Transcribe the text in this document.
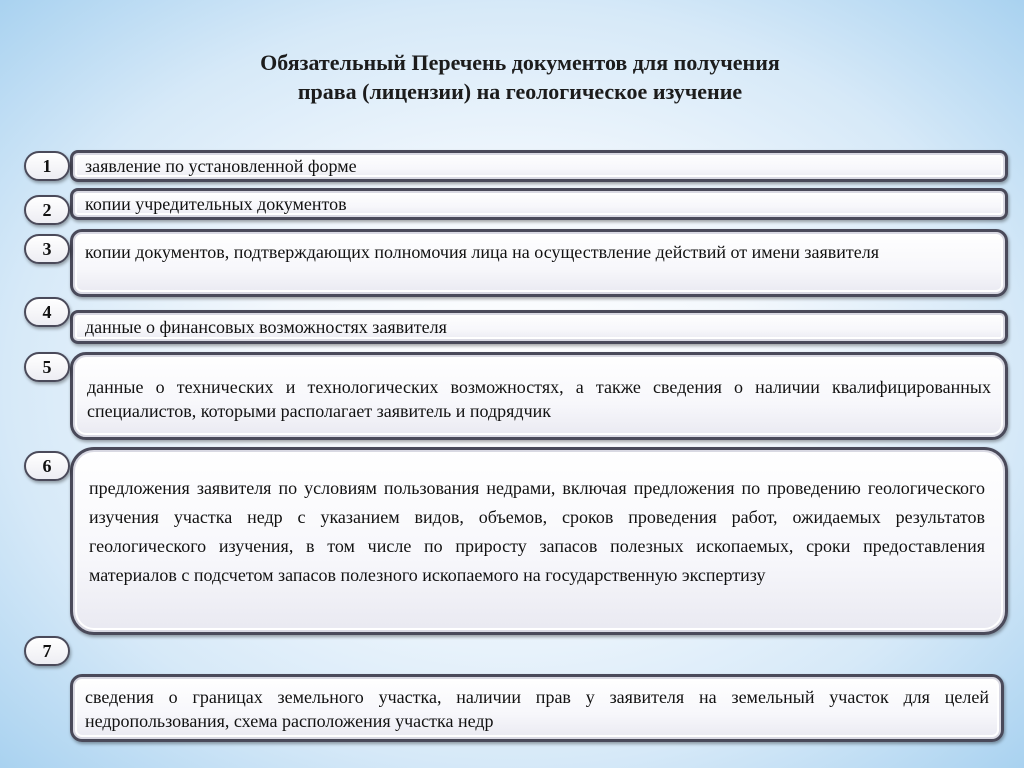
Обязательный Перечень документов для получения
права (лицензии) на геологическое изучение
заявление по установленной форме
1
копии учредительных документов
2
копии документов, подтверждающих полномочия лица на осуществление действий от имени заявителя
3
данные о финансовых возможностях заявителя
4
данные о технических и технологических возможностях, а также сведения о наличии квалифицированных специалистов, которыми располагает заявитель и подрядчик
5
предложения заявителя по условиям пользования недрами, включая предложения по проведению геологического изучения участка недр с указанием видов, объемов, сроков проведения работ, ожидаемых результатов геологического изучения, в том числе по приросту запасов полезных ископаемых, сроки предоставления материалов с подсчетом запасов полезного ископаемого на государственную экспертизу
6
7
сведения о границах земельного участка, наличии прав у заявителя на земельный участок для целей недропользования, схема расположения участка недр
